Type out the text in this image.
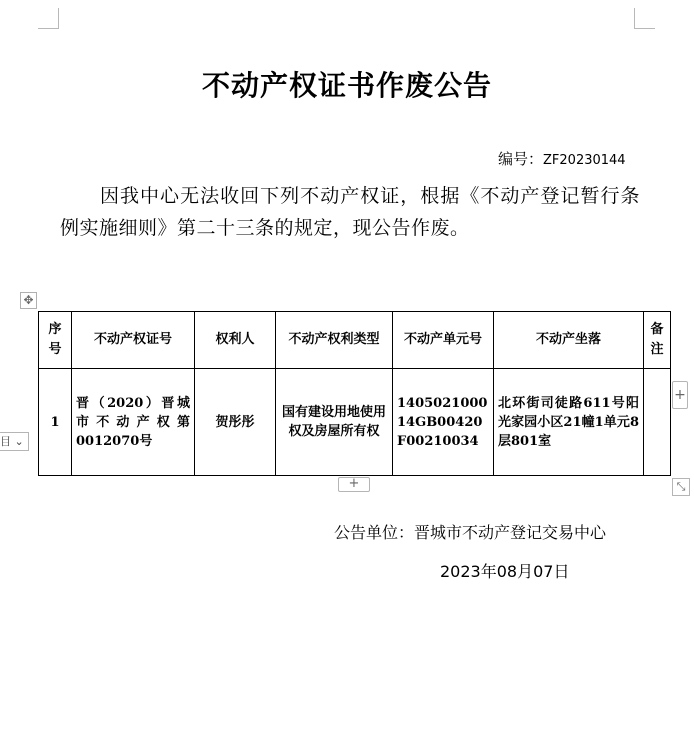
不动产权证书作废公告
编号：ZF20230144
因我中心无法收回下列不动产权证，根据《不动产登记暂行条例实施细则》第二十三条的规定，现公告作废。
✥
序号	不动产权证号	权利人	不动产权利类型	不动产单元号	不动产坐落	备注
1	晋（2020）晋城市不动产权第0012070号	贺彤彤	国有建设用地使用权及房屋所有权	140502100014GB00420F00210034	北环街司徒路611号阳光家园小区21幢1单元8层801室	
+
+	⤡
目 ⌄
公告单位：晋城市不动产登记交易中心
2023年08月07日
